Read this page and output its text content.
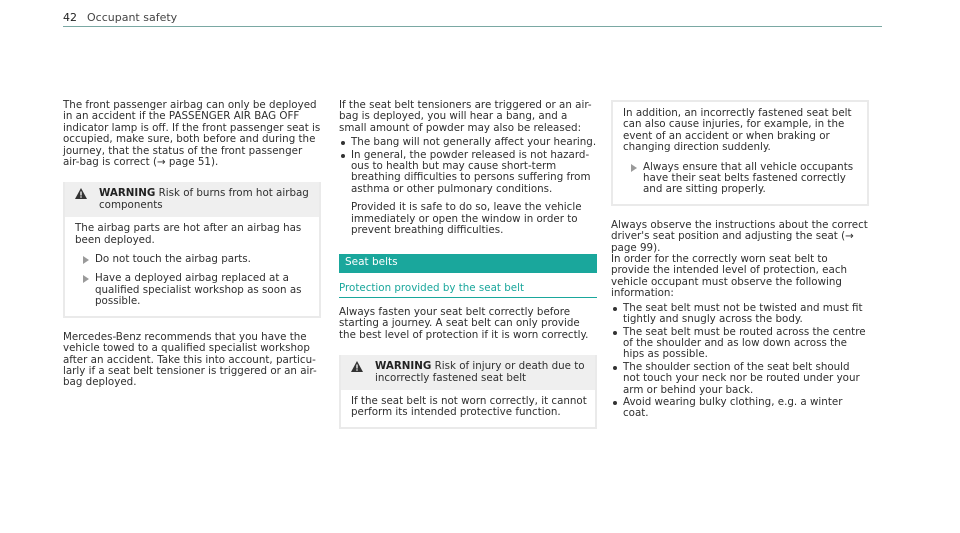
42 Occupant safety

The front passenger airbag can only be deployed in an accident if the PASSENGER AIR BAG OFF indicator lamp is off. If the front passenger seat is occupied, make sure, both before and during the journey, that the status of the front passenger air-bag is correct (→ page 51).

WARNING Risk of burns from hot airbag components

The airbag parts are hot after an airbag has been deployed.

Do not touch the airbag parts.
Have a deployed airbag replaced at a qualified specialist workshop as soon as possible.

Mercedes-Benz recommends that you have the vehicle towed to a qualified specialist workshop after an accident. Take this into account, particu-larly if a seat belt tensioner is triggered or an air-bag deployed.

If the seat belt tensioners are triggered or an air-bag is deployed, you will hear a bang, and a small amount of powder may also be released:

The bang will not generally affect your hearing.
In general, the powder released is not hazard-ous to health but may cause short-term breathing difficulties to persons suffering from asthma or other pulmonary conditions.
Provided it is safe to do so, leave the vehicle immediately or open the window in order to prevent breathing difficulties.
Seat belts
Protection provided by the seat belt

Always fasten your seat belt correctly before starting a journey. A seat belt can only provide the best level of protection if it is worn correctly.

WARNING Risk of injury or death due to incorrectly fastened seat belt

If the seat belt is not worn correctly, it cannot perform its intended protective function.

In addition, an incorrectly fastened seat belt can also cause injuries, for example, in the event of an accident or when braking or changing direction suddenly.

Always ensure that all vehicle occupants have their seat belts fastened correctly and are sitting properly.

Always observe the instructions about the correct driver's seat position and adjusting the seat (→ page 99).

In order for the correctly worn seat belt to provide the intended level of protection, each vehicle occupant must observe the following information:

The seat belt must not be twisted and must fit tightly and snugly across the body.
The seat belt must be routed across the centre of the shoulder and as low down across the hips as possible.
The shoulder section of the seat belt should not touch your neck nor be routed under your arm or behind your back.
Avoid wearing bulky clothing, e.g. a winter coat.
